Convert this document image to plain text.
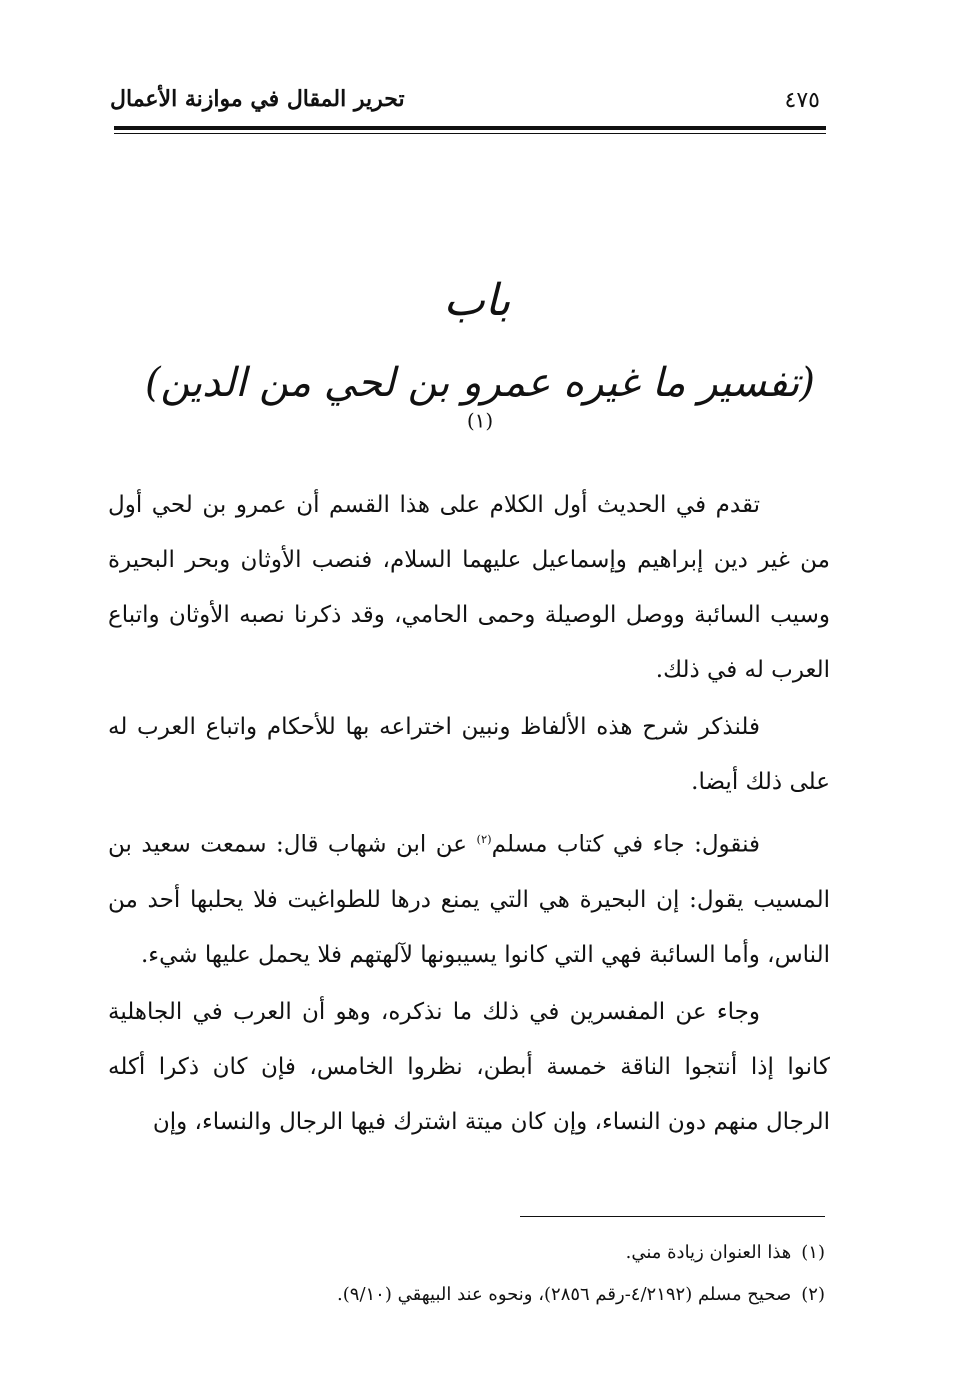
٤٧٥
تحرير المقال في موازنة الأعمال
باب
(تفسير ما غيره عمرو بن لحي من الدين)$^{(١)}$

تقدم في الحديث أول الكلام على هذا القسم أن عمرو بن لحي أول من غير دين إبراهيم وإسماعيل عليهما السلام، فنصب الأوثان وبحر البحيرة وسيب السائبة ووصل الوصيلة وحمى الحامي، وقد ذكرنا نصبه الأوثان واتباع العرب له في ذلك.

فلنذكر شرح هذه الألفاظ ونبين اختراعه بها للأحكام واتباع العرب له على ذلك أيضا.

فنقول: جاء في كتاب مسلم$^{(٢)}$ عن ابن شهاب قال: سمعت سعيد بن المسيب يقول: إن البحيرة هي التي يمنع درها للطواغيت فلا يحلبها أحد من الناس، وأما السائبة فهي التي كانوا يسيبونها لآلهتهم فلا يحمل عليها شيء.

وجاء عن المفسرين في ذلك ما نذكره، وهو أن العرب في الجاهلية كانوا إذا أنتجوا الناقة خمسة أبطن، نظروا الخامس، فإن كان ذكرا أكله الرجال منهم دون النساء، وإن كان ميتة اشترك فيها الرجال والنساء، وإن

(١)هذا العنوان زيادة مني.
(٢)صحيح مسلم (٤/٢١٩٢-رقم ٢٨٥٦)، ونحوه عند البيهقي (٩/١٠).
